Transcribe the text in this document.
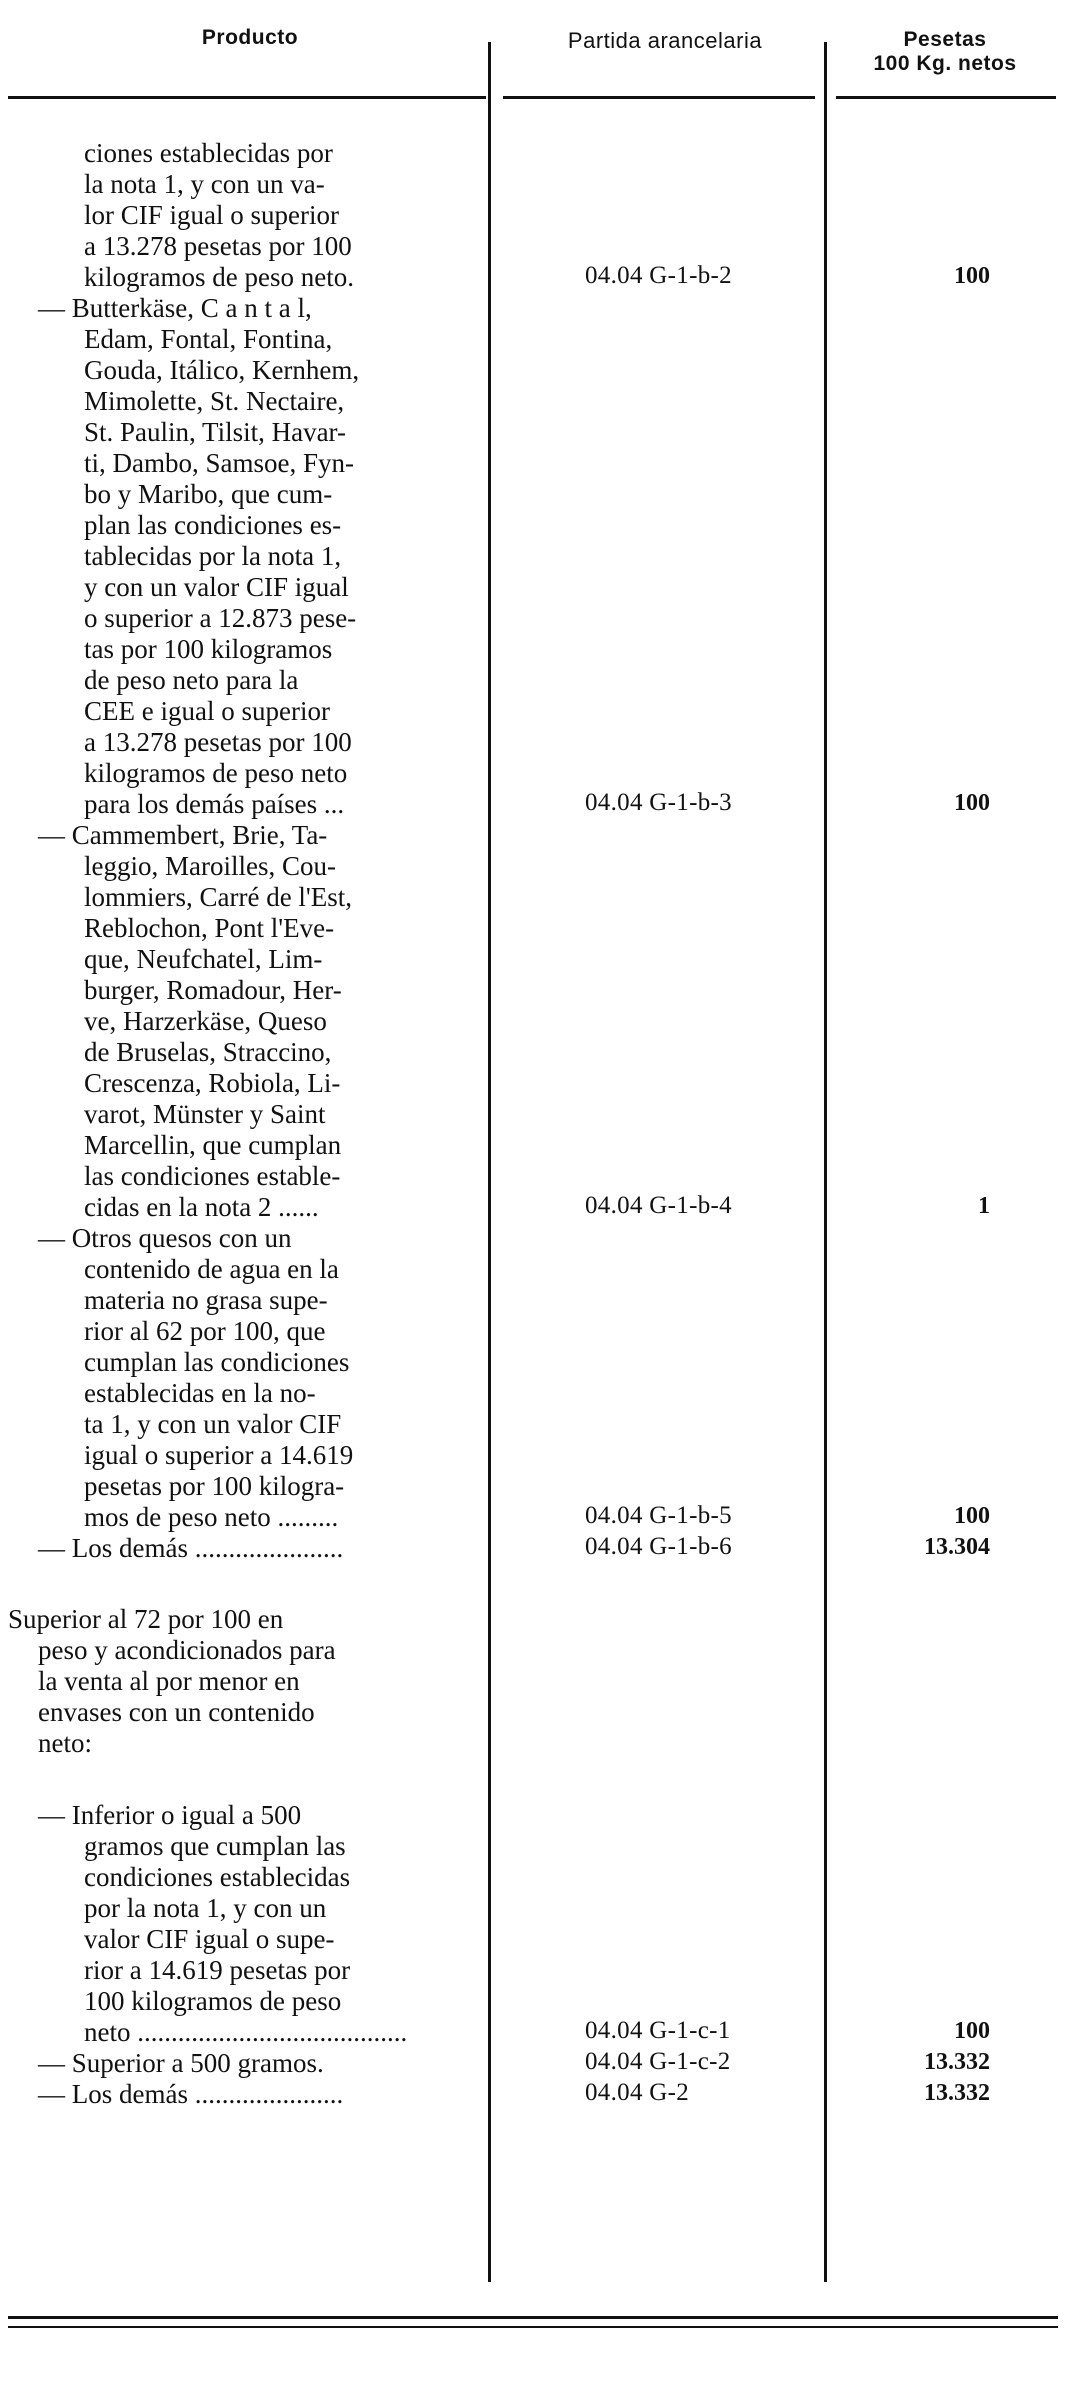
Producto	Partida arancelaria	Pesetas
100 Kg. netos
ciones establecidas por
la nota 1, y con un va-
lor CIF igual o superior
a 13.278 pesetas por 100
kilogramos de peso neto.
— Butterkäse, C a n t a l,
Edam, Fontal, Fontina,
Gouda, Itálico, Kernhem,
Mimolette, St. Nectaire,
St. Paulin, Tilsit, Havar-
ti, Dambo, Samsoe, Fyn-
bo y Maribo, que cum-
plan las condiciones es-
tablecidas por la nota 1,
y con un valor CIF igual
o superior a 12.873 pese-
tas por 100 kilogramos
de peso neto para la
CEE e igual o superior
a 13.278 pesetas por 100
kilogramos de peso neto
para los demás países ...
— Cammembert, Brie, Ta-
leggio, Maroilles, Cou-
lommiers, Carré de l'Est,
Reblochon, Pont l'Eve-
que, Neufchatel, Lim-
burger, Romadour, Her-
ve, Harzerkäse, Queso
de Bruselas, Straccino,
Crescenza, Robiola, Li-
varot, Münster y Saint
Marcellin, que cumplan
las condiciones estable-
cidas en la nota 2 ......
— Otros quesos con un
contenido de agua en la
materia no grasa supe-
rior al 62 por 100, que
cumplan las condiciones
establecidas en la no-
ta 1, y con un valor CIF
igual o superior a 14.619
pesetas por 100 kilogra-
mos de peso neto .........
— Los demás ......................
Superior al 72 por 100 en
peso y acondicionados para
la venta al por menor en
envases con un contenido
neto:
— Inferior o igual a 500
gramos que cumplan las
condiciones establecidas
por la nota 1, y con un
valor CIF igual o supe-
rior a 14.619 pesetas por
100 kilogramos de peso
neto ........................................
— Superior a 500 gramos.
— Los demás ......................
04.04 G-1-b-2
04.04 G-1-b-3
04.04 G-1-b-4
04.04 G-1-b-5
04.04 G-1-b-6
04.04 G-1-c-1
04.04 G-1-c-2
04.04 G-2
100
100
1
100
13.304
100
13.332
13.332
